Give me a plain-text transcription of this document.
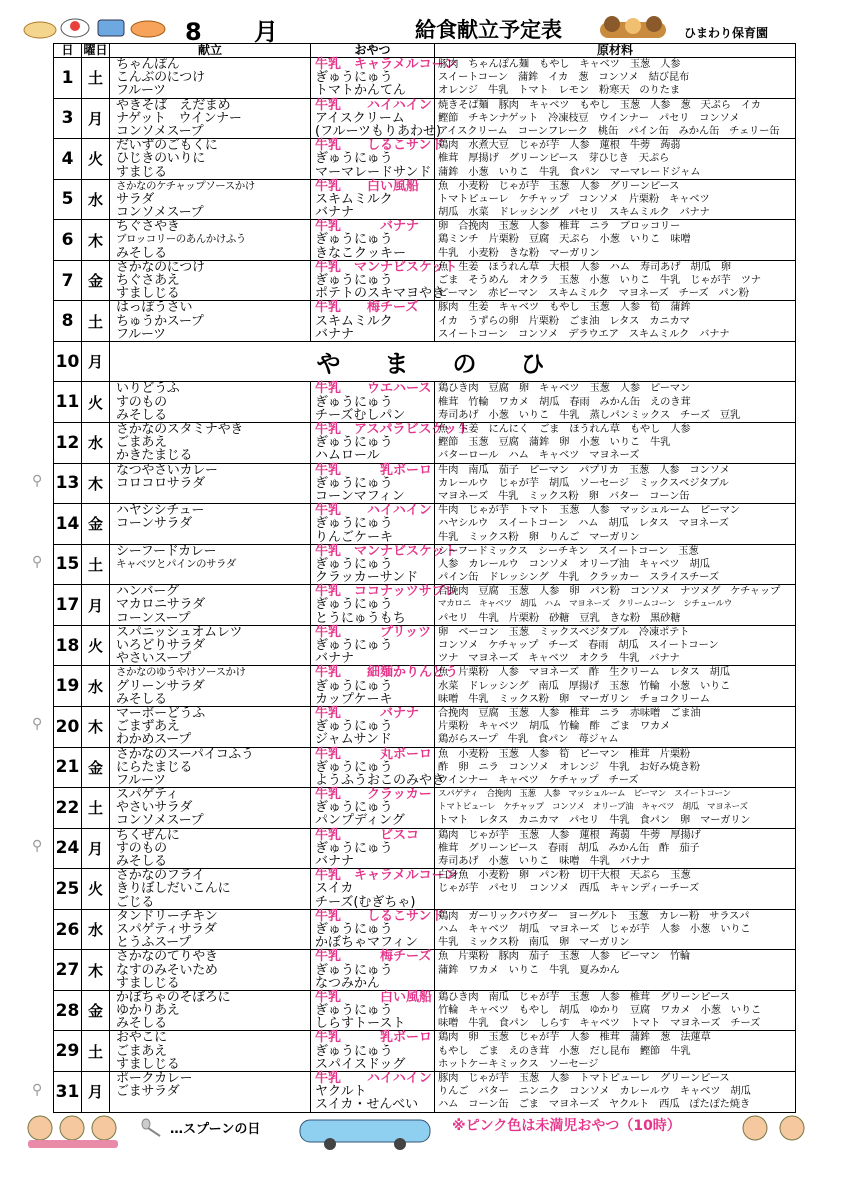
8 月	給食献立予定表	ひまわり保育園
日	曜日	献立	おやつ	原材料
1	土	ちゃんぽん
こんぶのにつけ
フルーツ	牛乳　キャラメルコーン
ぎゅうにゅう
トマトかんてん	豚肉　ちゃんぽん麺　もやし　キャベツ　玉葱　人参
スイートコーン　蒲鉾　イカ　葱　コンソメ　結び昆布
オレンジ　牛乳　トマト　レモン　粉寒天　のりたま

3	月	やきそば　えだまめ
ナゲット　ウインナー
コンソメスープ	牛乳　　ハイハイン
アイスクリーム
(フルーツもりあわせ)	焼きそば麺　豚肉　キャベツ　もやし　玉葱　人参　葱　天ぷら　イカ
鰹節　チキンナゲット　冷凍枝豆　ウインナー　パセリ　コンソメ
アイスクリーム　コーンフレーク　桃缶　パイン缶　みかん缶　チェリー缶

4	火	だいずのごもくに
ひじきのいりに
すまじる	牛乳　　しるこサンド
ぎゅうにゅう
マーマレードサンド	鶏肉　水煮大豆　じゃが芋　人参　蓮根　牛蒡　蒟蒻
椎茸　厚揚げ　グリーンピース　芽ひじき　天ぷら
蒲鉾　小葱　いりこ　牛乳　食パン　マーマレードジャム

5	水	さかなのケチャップソースかけ
サラダ
コンソメスープ	牛乳　　白い風船
スキムミルク
バナナ	魚　小麦粉　じゃが芋　玉葱　人参　グリーンピース
トマトピューレ　ケチャップ　コンソメ　片栗粉　キャベツ
胡瓜　水菜　ドレッシング　パセリ　スキムミルク　バナナ

6	木	ちぐさやき
ブロッコリーのあんかけふう
みそしる	牛乳　　　バナナ
ぎゅうにゅう
きなこクッキー	卵　合挽肉　玉葱　人参　椎茸　ニラ　ブロッコリー
鶏ミンチ　片栗粉　豆腐　天ぷら　小葱　いりこ　味噌
牛乳　小麦粉　きな粉　マーガリン

7	金	さかなのにつけ
ちぐさあえ
すましじる	牛乳　マンナビスケット
ぎゅうにゅう
ポテトのスキマヨやき	魚　生姜　ほうれん草　大根　人参　ハム　寿司あげ　胡瓜　卵
ごま　そうめん　オクラ　玉葱　小葱　いりこ　牛乳　じゃが芋　ツナ
ピーマン　赤ピーマン　スキムミルク　マヨネーズ　チーズ　パン粉

8	土	はっぽうさい
ちゅうかスープ
フルーツ	牛乳　　梅チーズ
スキムミルク
バナナ	豚肉　生姜　キャベツ　もやし　玉葱　人参　筍　蒲鉾
イカ　うずらの卵　片栗粉　ごま油　レタス　カニカマ
スイートコーン　コンソメ　デラウエア　スキムミルク　バナナ

10	月	やまのひ		
11	火	いりどうふ
すのもの
みそしる	牛乳　　ウエハース
ぎゅうにゅう
チーズむしパン	鶏ひき肉　豆腐　卵　キャベツ　玉葱　人参　ピーマン
椎茸　竹輪　ワカメ　胡瓜　春雨　みかん缶　えのき茸
寿司あげ　小葱　いりこ　牛乳　蒸しパンミックス　チーズ　豆乳

12	水	さかなのスタミナやき
ごまあえ
かきたまじる	牛乳　アスパラビスケット
ぎゅうにゅう
ハムロール	魚　生姜　にんにく　ごま　ほうれん草　もやし　人参
鰹節　玉葱　豆腐　蒲鉾　卵　小葱　いりこ　牛乳
バターロール　ハム　キャベツ　マヨネーズ

13	木	なつやさいカレー
コロコロサラダ	牛乳　　　乳ボーロ
ぎゅうにゅう
コーンマフィン	牛肉　南瓜　茄子　ピーマン　パプリカ　玉葱　人参　コンソメ
カレールウ　じゃが芋　胡瓜　ソーセージ　ミックスベジタブル
マヨネーズ　牛乳　ミックス粉　卵　バター　コーン缶

14	金	ハヤシシチュー
コーンサラダ	牛乳　　ハイハイン
ぎゅうにゅう
りんごケーキ	牛肉　じゃが芋　トマト　玉葱　人参　マッシュルーム　ピーマン
ハヤシルウ　スイートコーン　ハム　胡瓜　レタス　マヨネーズ
牛乳　ミックス粉　卵　りんご　マーガリン

15	土	シーフードカレー
キャベツとパインのサラダ	牛乳　マンナビスケット
ぎゅうにゅう
クラッカーサンド	シーフードミックス　シーチキン　スイートコーン　玉葱
人参　カレールウ　コンソメ　オリーブ油　キャベツ　胡瓜
パイン缶　ドレッシング　牛乳　クラッカー　スライスチーズ

17	月	ハンバーグ
マカロニサラダ
コーンスープ	牛乳　ココナッツサブレ
ぎゅうにゅう
とうにゅうもち	合挽肉　豆腐　玉葱　人参　卵　パン粉　コンソメ　ナツメグ　ケチャップ
マカロニ　キャベツ　胡瓜　ハム　マヨネーズ　クリームコーン　シチュールウ
パセリ　牛乳　片栗粉　砂糖　豆乳　きな粉　黒砂糖

18	火	スパニッシュオムレツ
いろどりサラダ
やさいスープ	牛乳　　　プリッツ
ぎゅうにゅう
バナナ	卵　ベーコン　玉葱　ミックスベジタブル　冷凍ポテト
コンソメ　ケチャップ　チーズ　春雨　胡瓜　スイートコーン
ツナ　マヨネーズ　キャベツ　オクラ　牛乳　バナナ

19	水	さかなのゆうやけソースかけ
グリーンサラダ
みそしる	牛乳　　細麺かりんとう
ぎゅうにゅう
カップケーキ	魚　片栗粉　人参　マヨネーズ　酢　生クリーム　レタス　胡瓜
水菜　ドレッシング　南瓜　厚揚げ　玉葱　竹輪　小葱　いりこ
味噌　牛乳　ミックス粉　卵　マーガリン　チョコクリーム

20	木	マーボーどうふ
ごまずあえ
わかめスープ	牛乳　　　バナナ
ぎゅうにゅう
ジャムサンド	合挽肉　豆腐　玉葱　人参　椎茸　ニラ　赤味噌　ごま油
片栗粉　キャベツ　胡瓜　竹輪　酢　ごま　ワカメ
鶏がらスープ　牛乳　食パン　苺ジャム

21	金	さかなのスーパイコふう
にらたまじる
フルーツ	牛乳　　　丸ボーロ
ぎゅうにゅう
ようふうおこのみやき	魚　小麦粉　玉葱　人参　筍　ピーマン　椎茸　片栗粉
酢　卵　ニラ　コンソメ　オレンジ　牛乳　お好み焼き粉
ウインナー　キャベツ　ケチャップ　チーズ

22	土	スパゲティ
やさいサラダ
コンソメスープ	牛乳　　クラッカー
ぎゅうにゅう
パンプディング	スパゲティ　合挽肉　玉葱　人参　マッシュルーム　ピーマン　スイートコーン
トマトピューレ　ケチャップ　コンソメ　オリーブ油　キャベツ　胡瓜　マヨネーズ
トマト　レタス　カニカマ　パセリ　牛乳　食パン　卵　マーガリン

24	月	ちくぜんに
すのもの
みそしる	牛乳　　　ビスコ
ぎゅうにゅう
バナナ	鶏肉　じゃが芋　玉葱　人参　蓮根　蒟蒻　牛蒡　厚揚げ
椎茸　グリーンピース　春雨　胡瓜　みかん缶　酢　茄子
寿司あげ　小葱　いりこ　味噌　牛乳　バナナ

25	火	さかなのフライ
きりぼしだいこんに
ごじる	牛乳　キャラメルコーン
スイカ
チーズ(むぎちゃ)	白身魚　小麦粉　卵　パン粉　切干大根　天ぷら　玉葱
じゃが芋　パセリ　コンソメ　西瓜　キャンディーチーズ

26	水	タンドリーチキン
スパゲティサラダ
とうふスープ	牛乳　　しるこサンド
ぎゅうにゅう
かぼちゃマフィン	鶏肉　ガーリックパウダー　ヨーグルト　玉葱　カレー粉　サラスパ
ハム　キャベツ　胡瓜　マヨネーズ　じゃが芋　人参　小葱　いりこ
牛乳　ミックス粉　南瓜　卵　マーガリン

27	木	さかなのてりやき
なすのみそいため
すましじる	牛乳　　　梅チーズ
ぎゅうにゅう
なつみかん	魚　片栗粉　豚肉　茄子　玉葱　人参　ピーマン　竹輪
蒲鉾　ワカメ　いりこ　牛乳　夏みかん

28	金	かぼちゃのそぼろに
ゆかりあえ
みそしる	牛乳　　　白い風船
ぎゅうにゅう
しらすトースト	鶏ひき肉　南瓜　じゃが芋　玉葱　人参　椎茸　グリーンピース
竹輪　キャベツ　もやし　胡瓜　ゆかり　豆腐　ワカメ　小葱　いりこ
味噌　牛乳　食パン　しらす　キャベツ　トマト　マヨネーズ　チーズ

29	土	おやこに
ごまあえ
すましじる	牛乳　　　乳ボーロ
ぎゅうにゅう
スパイスドッグ	鶏肉　卵　玉葱　じゃが芋　人参　椎茸　蒲鉾　葱　法蓮草
もやし　ごま　えのき茸　小葱　だし昆布　鰹節　牛乳
ホットケーキミックス　ソーセージ

31	月	ポークカレー
ごまサラダ	牛乳　　ハイハイン
ヤクルト
スイカ・せんべい	豚肉　じゃが芋　玉葱　人参　トマトピューレ　グリーンピース
りんご　バター　ニンニク　コンソメ　カレールウ　キャベツ　胡瓜
ハム　コーン缶　ごま　マヨネーズ　ヤクルト　西瓜　ぽたぽた焼き
⚲
⚲
⚲
⚲
⚲
…スプーンの日	※ピンク色は未満児おやつ（10時）
